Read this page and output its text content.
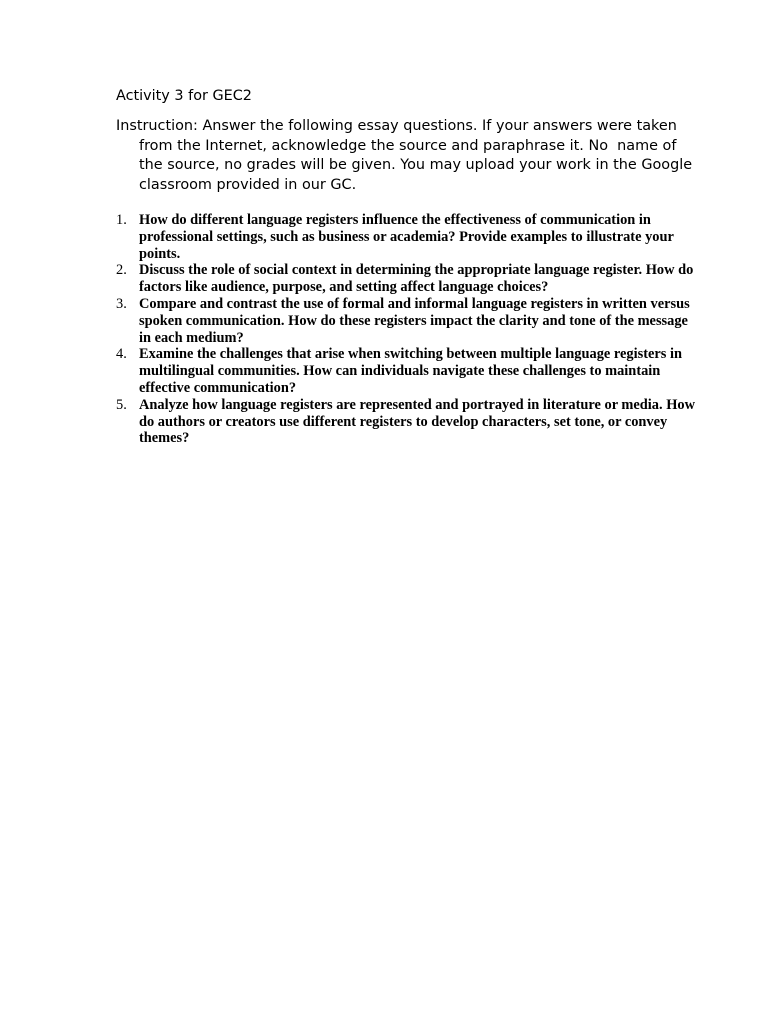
Activity 3 for GEC2
Instruction: Answer the following essay questions. If your answers were taken from the Internet, acknowledge the source and paraphrase it. No  name of the source, no grades will be given. You may upload your work in the Google classroom provided in our GC.
1. How do different language registers influence the effectiveness of communication in professional settings, such as business or academia? Provide examples to illustrate your points.
2. Discuss the role of social context in determining the appropriate language register. How do factors like audience, purpose, and setting affect language choices?
3. Compare and contrast the use of formal and informal language registers in written versus spoken communication. How do these registers impact the clarity and tone of the message in each medium?
4. Examine the challenges that arise when switching between multiple language registers in multilingual communities. How can individuals navigate these challenges to maintain effective communication?
5. Analyze how language registers are represented and portrayed in literature or media. How do authors or creators use different registers to develop characters, set tone, or convey themes?
